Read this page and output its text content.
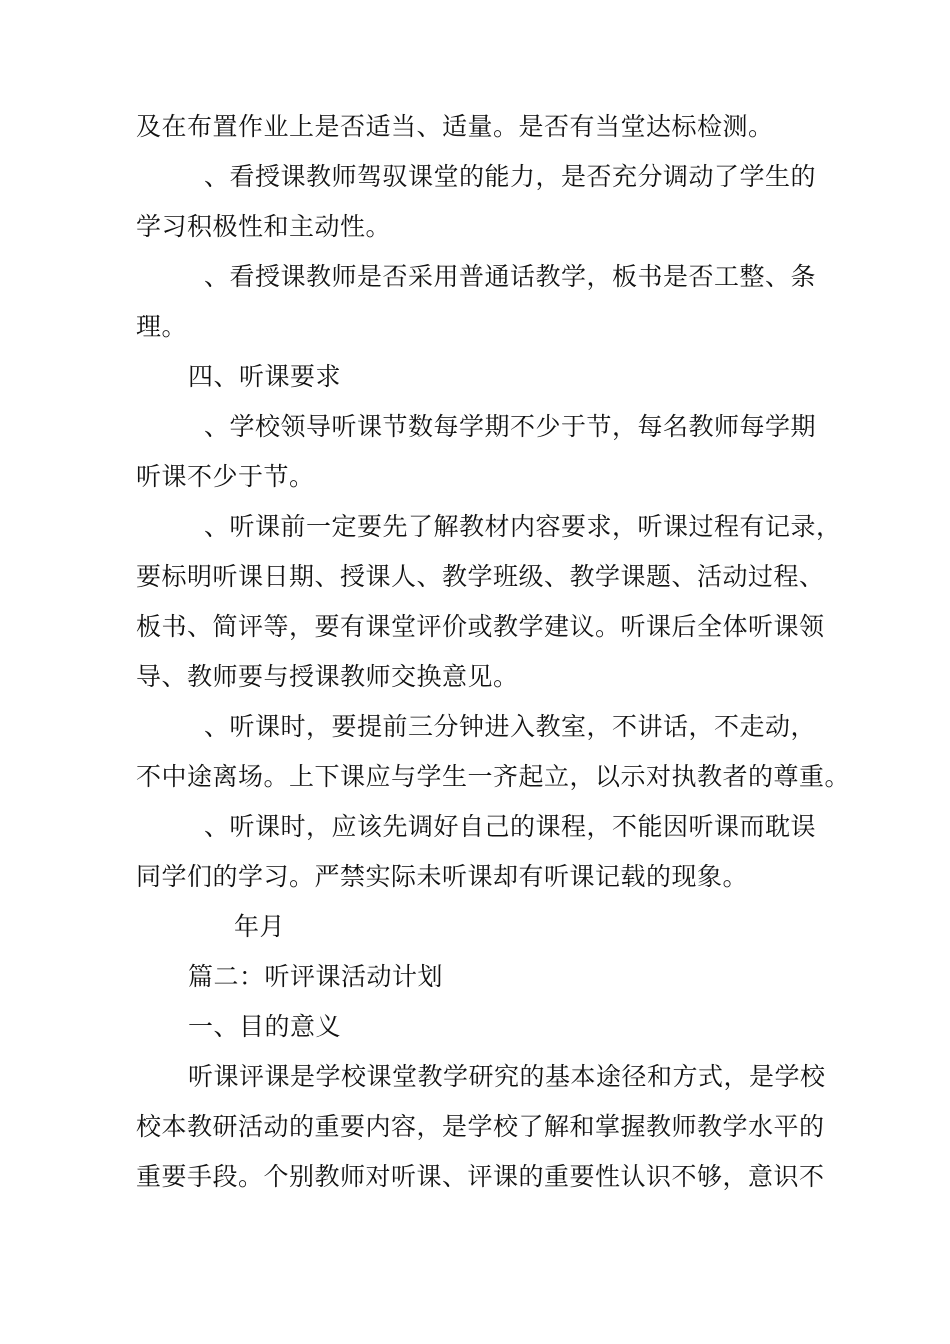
及在布置作业上是否适当、适量。是否有当堂达标检测。
、看授课教师驾驭课堂的能力，是否充分调动了学生的
学习积极性和主动性。
、看授课教师是否采用普通话教学，板书是否工整、条
理。
四、听课要求
、学校领导听课节数每学期不少于节，每名教师每学期
听课不少于节。
、听课前一定要先了解教材内容要求，听课过程有记录，
要标明听课日期、授课人、教学班级、教学课题、活动过程、
板书、简评等，要有课堂评价或教学建议。听课后全体听课领
导、教师要与授课教师交换意见。
、听课时，要提前三分钟进入教室，不讲话，不走动，
不中途离场。上下课应与学生一齐起立，以示对执教者的尊重。
、听课时，应该先调好自己的课程，不能因听课而耽误
同学们的学习。严禁实际未听课却有听课记载的现象。
年月
篇二：听评课活动计划
一、目的意义
听课评课是学校课堂教学研究的基本途径和方式，是学校
校本教研活动的重要内容，是学校了解和掌握教师教学水平的
重要手段。个别教师对听课、评课的重要性认识不够，意识不
